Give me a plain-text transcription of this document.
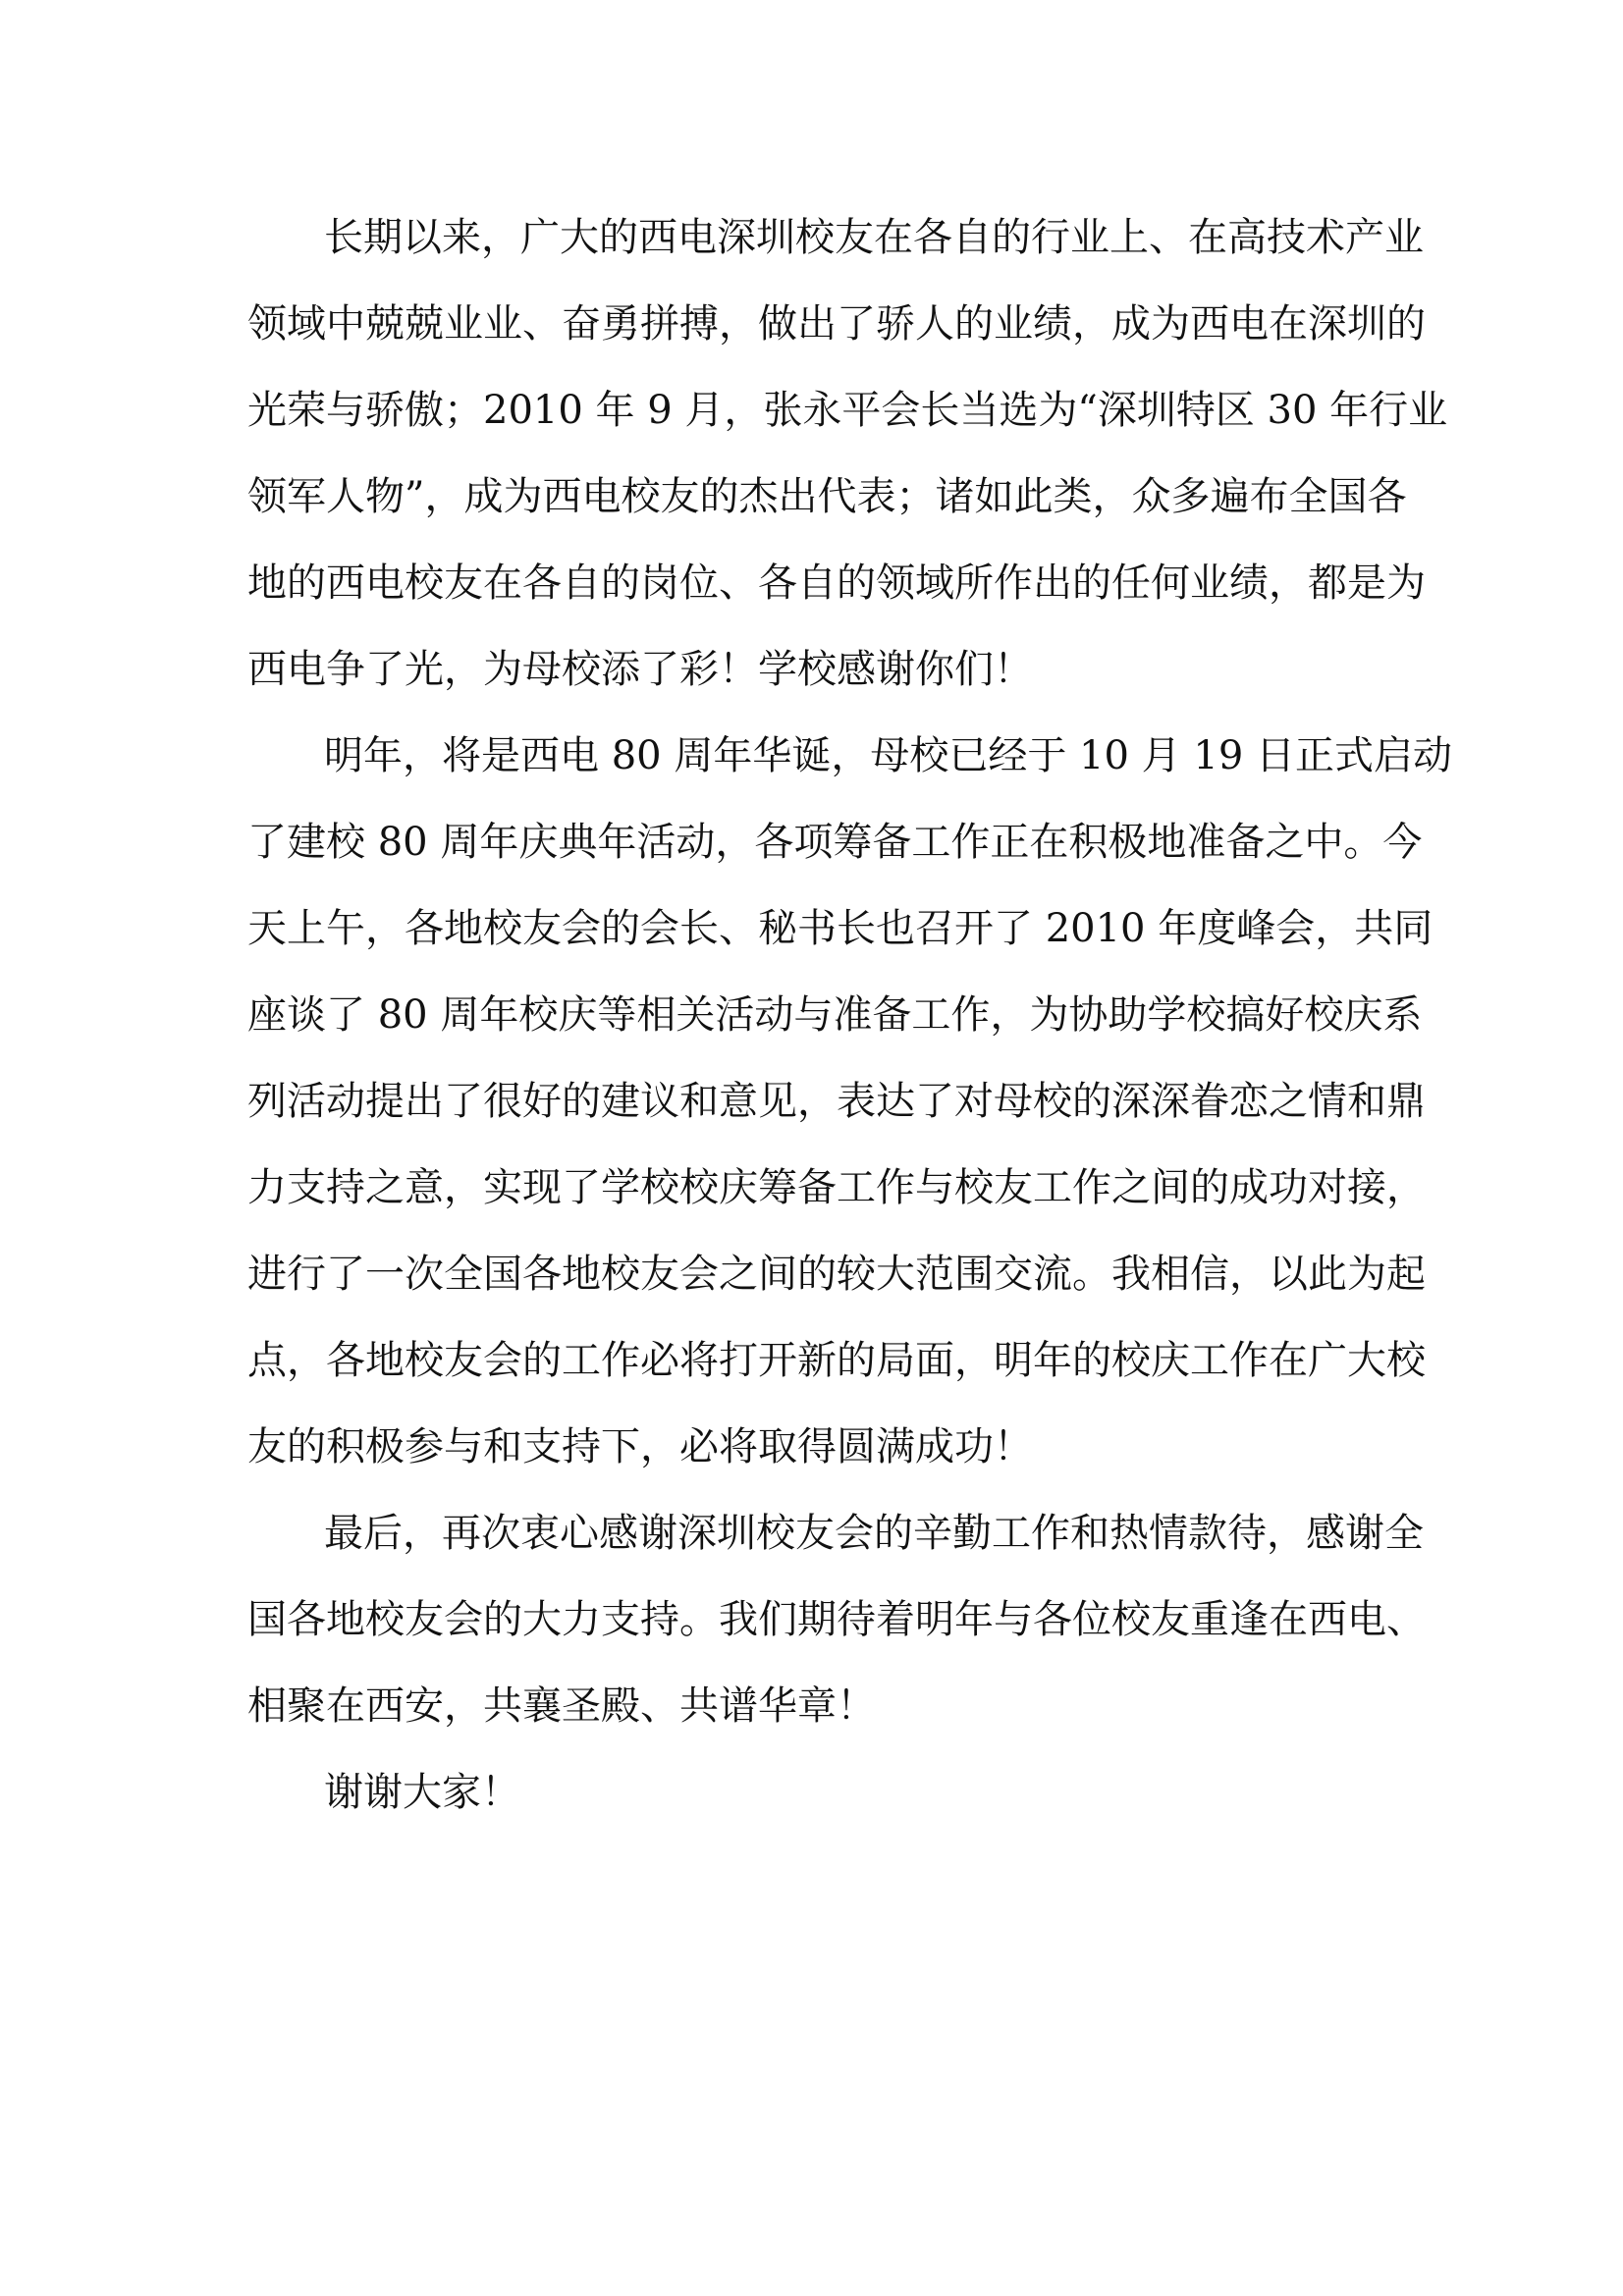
长期以来，广大的西电深圳校友在各自的行业上、在高技术产业
领域中兢兢业业、奋勇拼搏，做出了骄人的业绩，成为西电在深圳的
光荣与骄傲；2010 年 9 月，张永平会长当选为“深圳特区 30 年行业
领军人物”，成为西电校友的杰出代表；诸如此类，众多遍布全国各
地的西电校友在各自的岗位、各自的领域所作出的任何业绩，都是为
西电争了光，为母校添了彩！学校感谢你们！
明年，将是西电 80 周年华诞，母校已经于 10 月 19 日正式启动
了建校 80 周年庆典年活动，各项筹备工作正在积极地准备之中。今
天上午，各地校友会的会长、秘书长也召开了 2010 年度峰会，共同
座谈了 80 周年校庆等相关活动与准备工作，为协助学校搞好校庆系
列活动提出了很好的建议和意见，表达了对母校的深深眷恋之情和鼎
力支持之意，实现了学校校庆筹备工作与校友工作之间的成功对接，
进行了一次全国各地校友会之间的较大范围交流。我相信，以此为起
点，各地校友会的工作必将打开新的局面，明年的校庆工作在广大校
友的积极参与和支持下，必将取得圆满成功！
最后，再次衷心感谢深圳校友会的辛勤工作和热情款待，感谢全
国各地校友会的大力支持。我们期待着明年与各位校友重逢在西电、
相聚在西安，共襄圣殿、共谱华章！
谢谢大家！
